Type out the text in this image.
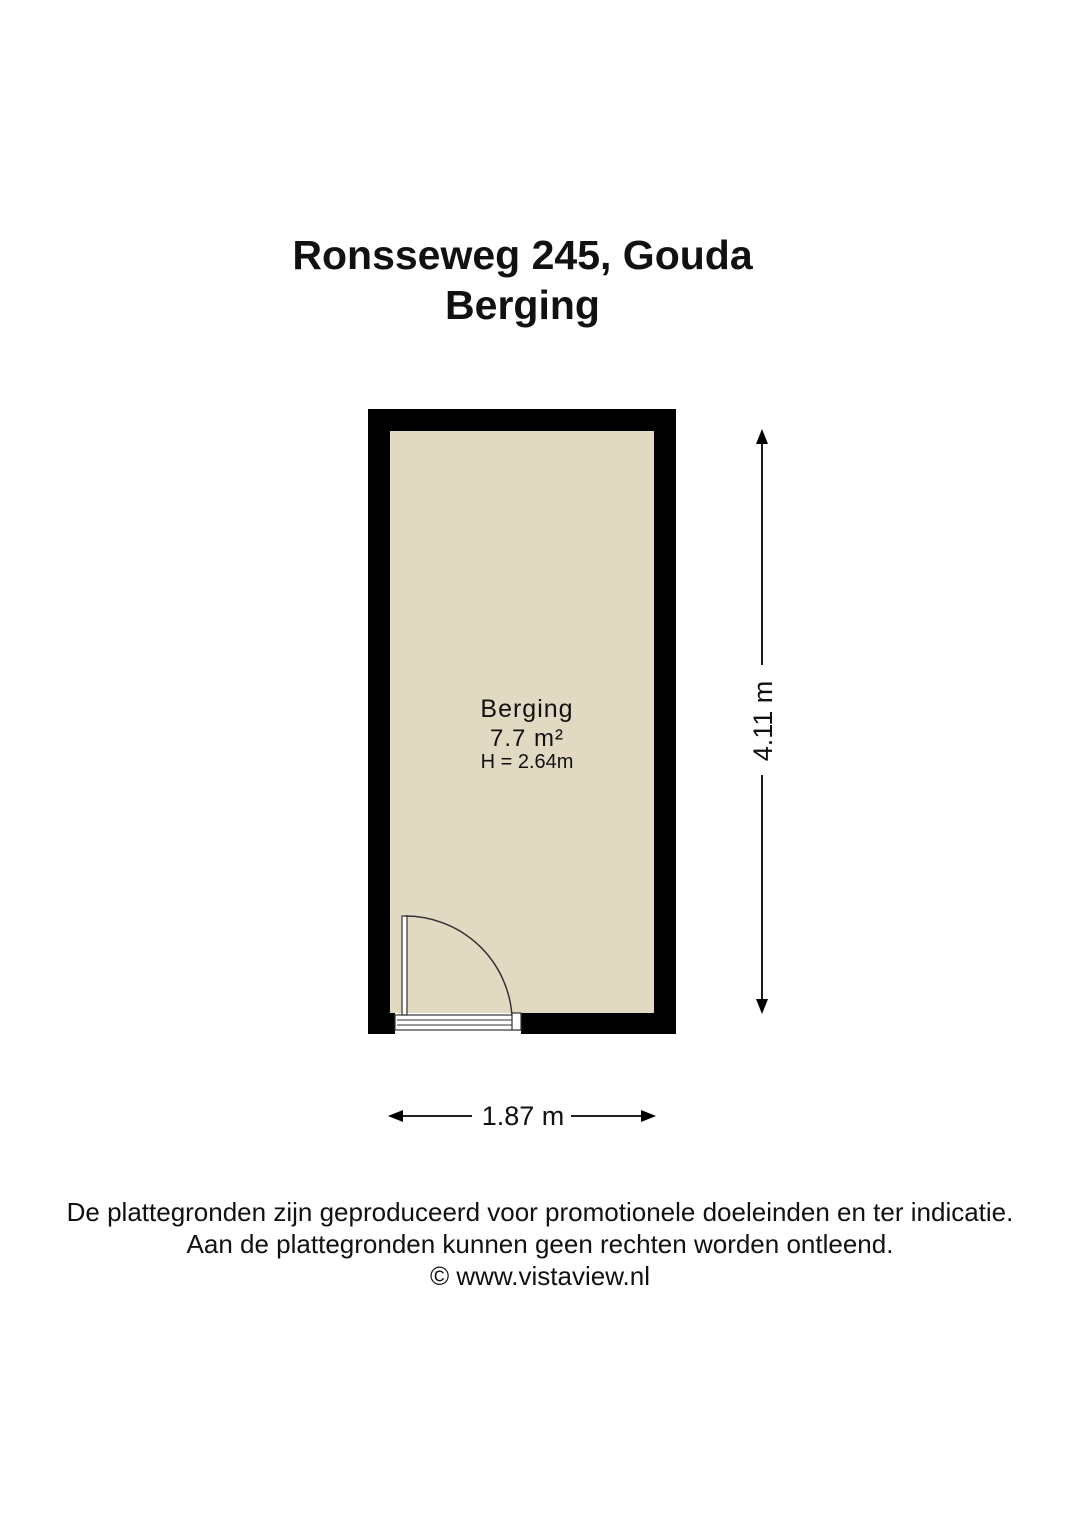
Ronsseweg 245, Gouda
Berging
Berging
7.7 m²
H = 2.64m
4.11 m
1.87 m
De plattegronden zijn geproduceerd voor promotionele doeleinden en ter indicatie.
Aan de plattegronden kunnen geen rechten worden ontleend.
© www.vistaview.nl
